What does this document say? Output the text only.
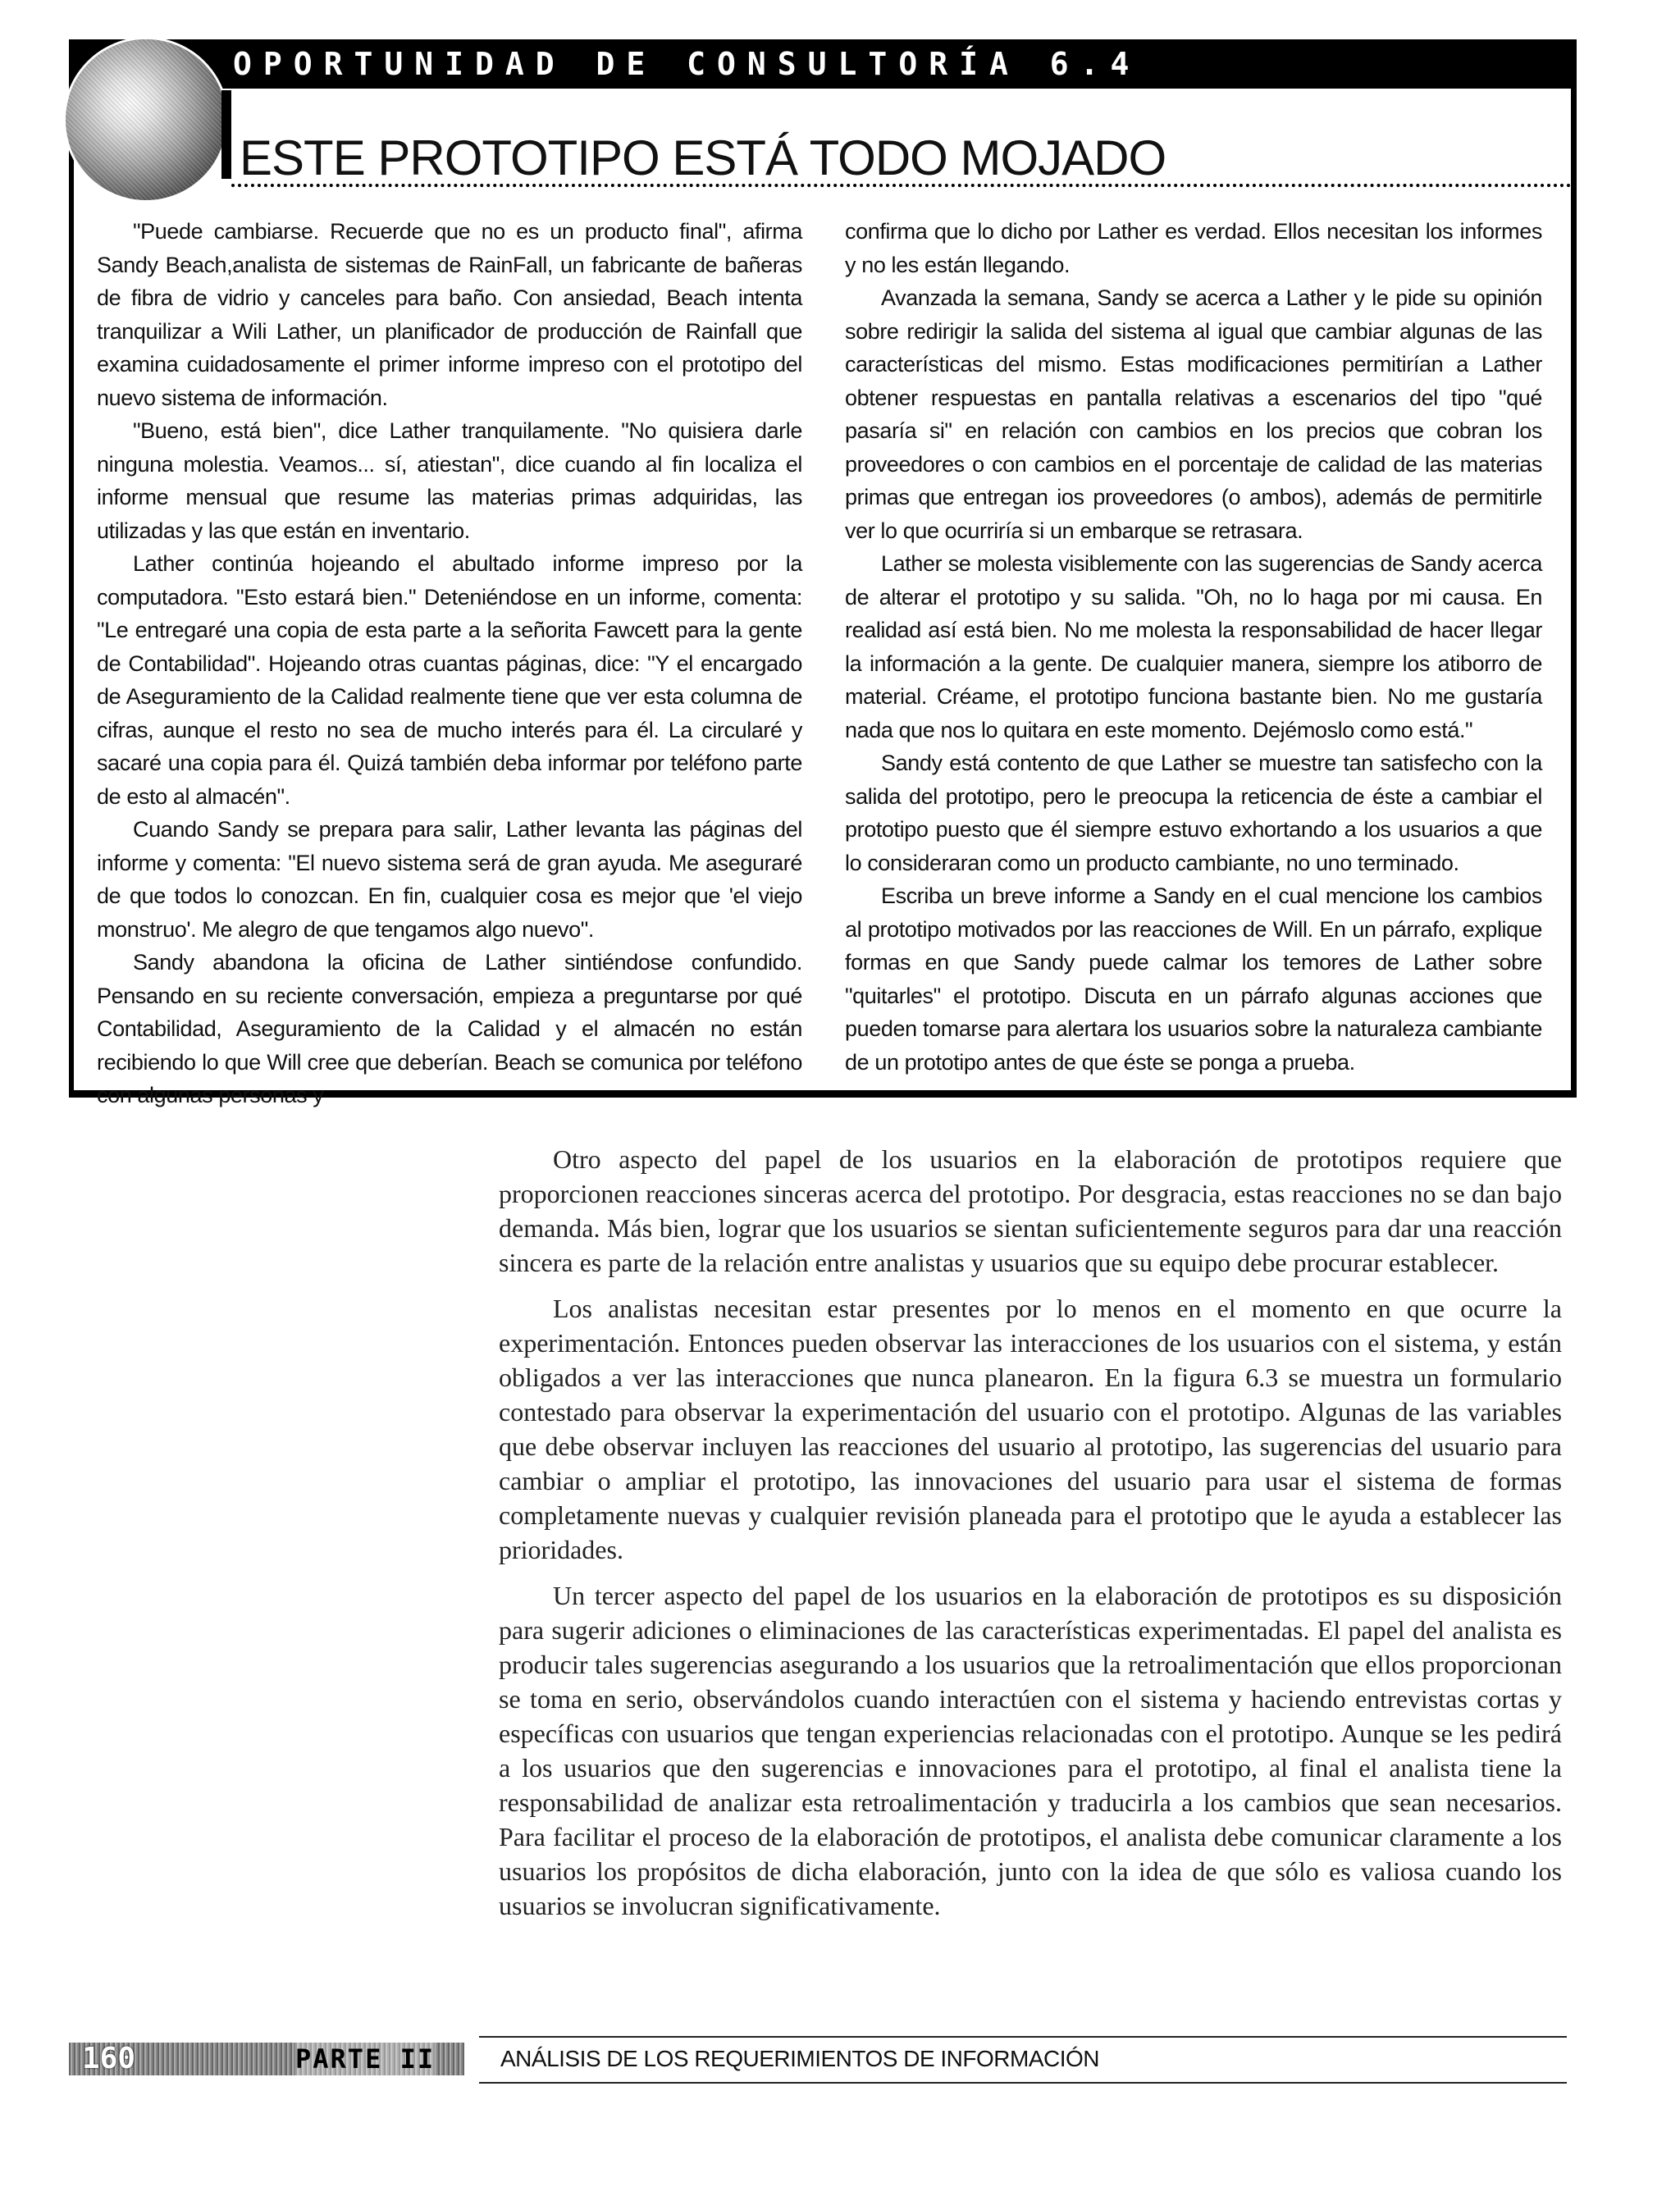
OPORTUNIDAD DE CONSULTORÍA 6.4
ESTE PROTOTIPO ESTÁ TODO MOJADO

"Puede cambiarse. Recuerde que no es un producto final", afirma Sandy Beach,analista de sistemas de RainFall, un fabricante de bañeras de fibra de vidrio y canceles para baño. Con ansiedad, Beach intenta tranquilizar a Wili Lather, un planificador de producción de Rainfall que examina cuidadosamente el primer informe impreso con el prototipo del nuevo sistema de información.

"Bueno, está bien", dice Lather tranquilamente. "No quisiera darle ninguna molestia. Veamos... sí, atiestan", dice cuando al fin localiza el informe mensual que resume las materias primas adquiridas, las utilizadas y las que están en inventario.

Lather continúa hojeando el abultado informe impreso por la computadora. "Esto estará bien." Deteniéndose en un informe, comenta: "Le entregaré una copia de esta parte a la señorita Fawcett para la gente de Contabilidad". Hojeando otras cuantas páginas, dice: "Y el encargado de Aseguramiento de la Calidad realmente tiene que ver esta columna de cifras, aunque el resto no sea de mucho interés para él. La circularé y sacaré una copia para él. Quizá también deba informar por teléfono parte de esto al almacén".

Cuando Sandy se prepara para salir, Lather levanta las páginas del informe y comenta: "El nuevo sistema será de gran ayuda. Me aseguraré de que todos lo conozcan. En fin, cualquier cosa es mejor que 'el viejo monstruo'. Me alegro de que tengamos algo nuevo".

Sandy abandona la oficina de Lather sintiéndose confundido. Pensando en su reciente conversación, empieza a preguntarse por qué Contabilidad, Aseguramiento de la Calidad y el almacén no están recibiendo lo que Will cree que deberían. Beach se comunica por teléfono con algunas personas y

confirma que lo dicho por Lather es verdad. Ellos necesitan los informes y no les están llegando.

Avanzada la semana, Sandy se acerca a Lather y le pide su opinión sobre redirigir la salida del sistema al igual que cambiar algunas de las características del mismo. Estas modificaciones permitirían a Lather obtener respuestas en pantalla relativas a escenarios del tipo "qué pasaría si" en relación con cambios en los precios que cobran los proveedores o con cambios en el porcentaje de calidad de las materias primas que entregan ios proveedores (o ambos), además de permitirle ver lo que ocurriría si un embarque se retrasara.

Lather se molesta visiblemente con las sugerencias de Sandy acerca de alterar el prototipo y su salida. "Oh, no lo haga por mi causa. En realidad así está bien. No me molesta la responsabilidad de hacer llegar la información a la gente. De cualquier manera, siempre los atiborro de material. Créame, el prototipo funciona bastante bien. No me gustaría nada que nos lo quitara en este momento. Dejémoslo como está."

Sandy está contento de que Lather se muestre tan satisfecho con la salida del prototipo, pero le preocupa la reticencia de éste a cambiar el prototipo puesto que él siempre estuvo exhortando a los usuarios a que lo consideraran como un producto cambiante, no uno terminado.

Escriba un breve informe a Sandy en el cual mencione los cambios al prototipo motivados por las reacciones de Will. En un párrafo, explique formas en que Sandy puede calmar los temores de Lather sobre "quitarles" el prototipo. Discuta en un párrafo algunas acciones que pueden tomarse para alertara los usuarios sobre la naturaleza cambiante de un prototipo antes de que éste se ponga a prueba.

Otro aspecto del papel de los usuarios en la elaboración de prototipos requiere que proporcionen reacciones sinceras acerca del prototipo. Por desgracia, estas reacciones no se dan bajo demanda. Más bien, lograr que los usuarios se sientan suficientemente seguros para dar una reacción sincera es parte de la relación entre analistas y usuarios que su equipo debe procurar establecer.

Los analistas necesitan estar presentes por lo menos en el momento en que ocurre la experimentación. Entonces pueden observar las interacciones de los usuarios con el sistema, y están obligados a ver las interacciones que nunca planearon. En la figura 6.3 se muestra un formulario contestado para observar la experimentación del usuario con el prototipo. Algunas de las variables que debe observar incluyen las reacciones del usuario al prototipo, las sugerencias del usuario para cambiar o ampliar el prototipo, las innovaciones del usuario para usar el sistema de formas completamente nuevas y cualquier revisión planeada para el prototipo que le ayuda a establecer las prioridades.

Un tercer aspecto del papel de los usuarios en la elaboración de prototipos es su disposición para sugerir adiciones o eliminaciones de las características experimentadas. El papel del analista es producir tales sugerencias asegurando a los usuarios que la retroalimentación que ellos proporcionan se toma en serio, observándolos cuando interactúen con el sistema y haciendo entrevistas cortas y específicas con usuarios que tengan experiencias relacionadas con el prototipo. Aunque se les pedirá a los usuarios que den sugerencias e innovaciones para el prototipo, al final el analista tiene la responsabilidad de analizar esta retroalimentación y traducirla a los cambios que sean necesarios. Para facilitar el proceso de la elaboración de prototipos, el analista debe comunicar claramente a los usuarios los propósitos de dicha elaboración, junto con la idea de que sólo es valiosa cuando los usuarios se involucran significativamente.

160	PARTE II	ANÁLISIS DE LOS REQUERIMIENTOS DE INFORMACIÓN
